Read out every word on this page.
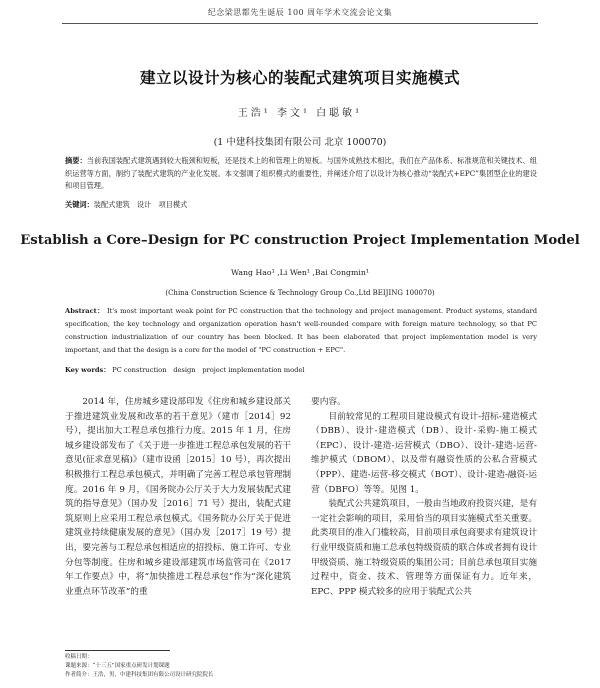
纪念梁思都先生诞辰 100 周年学术交流会论文集
建立以设计为核心的装配式建筑项目实施模式
王浩¹ 李文¹ 白聪敏¹
(1 中建科技集团有限公司 北京 100070)
摘要：当前我国装配式建筑遇到较大瓶颈和短板，还是技术上的和管理上的短板。与国外成熟技术相比，我们在产品体系、标准规范和关键技术、组织运营等方面，制约了装配式建筑的产业化发展。本文强调了组织模式的重要性，并阐述介绍了以设计为核心推动“装配式+EPC”集团型企业的建设和项目管理。
关键词：装配式建筑　设计　项目模式
Establish a Core–Design for PC construction Project Implementation Model
Wang Hao¹ ,Li Wen¹ ,Bai Congmin¹
(China Construction Science & Technology Group Co.,Ltd BEIJING 100070)
Abstract： It's most important weak point for PC construction that the technology and project management. Product systems, standard specification, the key technology and organization operation hasn't well-rounded compare with foreign mature technology, so that PC construction industrialization of our country has been blocked. It has been elaborated that project implementation model is very important, and that the design is a core for the model of "PC construction + EPC".
Key words： PC construction　design　project implementation model

2014 年，住房城乡建设部印发《住房和城乡建设部关于推进建筑业发展和改革的若干意见》（建市［2014］92 号），提出加大工程总承包推行力度。2015 年 1 月，住房城乡建设部发布了《关于进一步推进工程总承包发展的若干意见(征求意见稿)》（建市设函［2015］10 号），再次提出积极推行工程总承包模式，并明确了完善工程总承包管理制度。2016 年 9 月，《国务院办公厅关于大力发展装配式建筑的指导意见》（国办发［2016］71 号）提出，装配式建筑原则上应采用工程总承包模式。《国务院办公厅关于促进建筑业持续健康发展的意见》（国办发［2017］19 号）提出，要完善与工程总承包相适应的招投标、施工许可、专业分包等制度。住房和城乡建设部建筑市场监管司在《2017 年工作要点》中，将“加快推进工程总承包”作为“深化建筑业重点环节改革”的重

要内容。

目前较常见的工程项目建设模式有设计-招标-建造模式（DBB）、设计-建造模式（DB）、设计-采购-施工模式（EPC）、设计-建造-运营模式（DBO）、设计-建造-运营-维护模式（DBOM）、以及带有融资性质的公私合营模式（PPP）、建造-运营-移交模式（BOT）、设计-建造-融资-运营（DBFO）等等。见图 1。

装配式公共建筑项目，一般由当地政府投资兴建，是有一定社会影响的项目，采用恰当的项目实施模式至关重要。此类项目的准入门槛较高，目前项目承包商要求有建筑设计行业甲级资质和施工总承包特级资质的联合体或者拥有设计甲级资质、施工特级资质的集团公司；目前总承包项目实施过程中，资金、技术、管理等方面保证有力。近年来，EPC、PPP 模式较多的应用于装配式公共

收稿日期：
课题来源：“十三五”国家重点研发计划课题
作者简介：王浩，男，中建科技集团有限公司设计研究院院长
